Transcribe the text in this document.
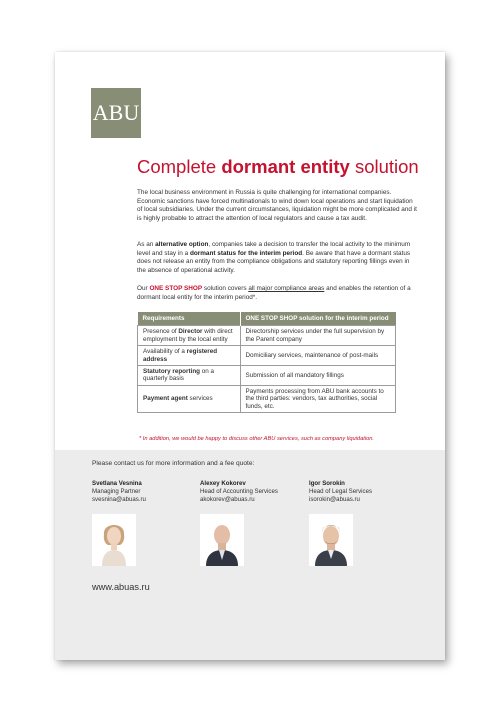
ABU
Complete dormant entity solution
The local business environment in Russia is quite challenging for international companies. Economic sanctions have forced multinationals to wind down local operations and start liquidation of local subsidiaries. Under the current circumstances, liquidation might be more complicated and it is highly probable to attract the attention of local regulators and cause a tax audit.
As an alternative option, companies take a decision to transfer the local activity to the minimum level and stay in a dormant status for the interim period. Be aware that have a dormant status does not release an entity from the compliance obligations and statutory reporting fillings even in the absence of operational activity.
Our ONE STOP SHOP solution covers all major compliance areas and enables the retention of a dormant local entity for the interim period*.
Requirements	ONE STOP SHOP solution for the interim period
Presence of Director with direct employment by the local entity	Directorship services under the full supervision by the Parent company
Availability of a registered address	Domiciliary services, maintenance of post-mails
Statutory reporting on a quarterly basis	Submission of all mandatory fillings
Payment agent services	Payments processing from ABU bank accounts to the third parties: vendors, tax authorities, social funds, etc.
* In addition, we would be happy to discuss other ABU services, such as company liquidation.
Please contact us for more information and a fee quote:
Svetlana Vesnina
Managing Partner
svesnina@abuas.ru
Alexey Kokorev
Head of Accounting Services
akokorev@abuas.ru
Igor Sorokin
Head of Legal Services
isorokin@abuas.ru
www.abuas.ru
